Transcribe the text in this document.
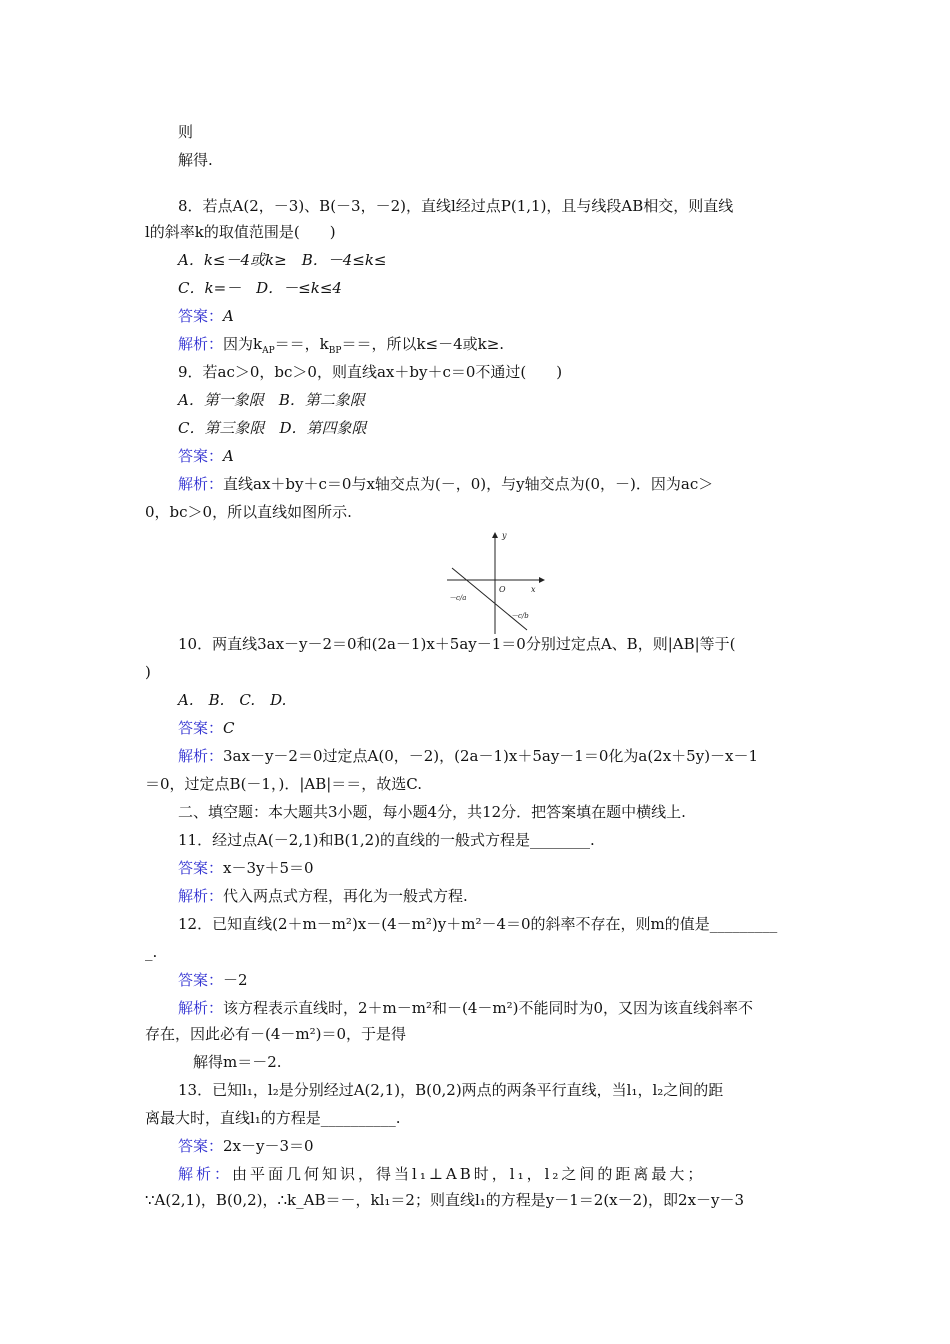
则
解得.
8．若点A(2，－3)、B(－3，－2)，直线l经过点P(1,1)，且与线段AB相交，则直线
l的斜率k的取值范围是(　　)
A．k≤－4或k≥　B．－4≤k≤
C．k=－　D．－≤k≤4
答案：A
解析：因为$k_{AP}==$，$k_{BP}==$，所以k≤－4或k≥.
9．若ac＞0，bc＞0，则直线ax＋by＋c＝0不通过(　　)
A．第一象限　B．第二象限
C．第三象限　D．第四象限
答案：A
解析：直线ax＋by＋c＝0与x轴交点为(－，0)，与y轴交点为(0，－)．因为ac＞
0，bc＞0，所以直线如图所示.
y
x
O
－c/a
－c/b
10．两直线3ax－y－2＝0和(2a－1)x＋5ay－1＝0分别过定点A、B，则|AB|等于(
)
A.　B.　C.　D.
答案：C
解析：3ax－y－2＝0过定点A(0，－2)，(2a－1)x＋5ay－1＝0化为a(2x＋5y)－x－1
＝0，过定点B(－1，)．|AB|＝＝，故选C.
二、填空题：本大题共3小题，每小题4分，共12分．把答案填在题中横线上.
11．经过点A(－2,1)和B(1,2)的直线的一般式方程是________.
答案：x－3y＋5＝0
解析：代入两点式方程，再化为一般式方程.
12．已知直线(2＋m－m²)x－(4－m²)y＋m²－4＝0的斜率不存在，则m的值是_________
_.
答案：－2
解析：该方程表示直线时，2＋m－m²和－(4－m²)不能同时为0，又因为该直线斜率不
存在，因此必有－(4－m²)＝0，于是得
解得m＝－2.
13．已知l₁，l₂是分别经过A(2,1)，B(0,2)两点的两条平行直线，当l₁，l₂之间的距
离最大时，直线l₁的方程是__________.
答案：2x－y－3＝0
解析：由平面几何知识，得当l₁⊥AB时，l₁，l₂之间的距离最大；
∵A(2,1)，B(0,2)，∴k_AB＝－，kl₁＝2；则直线l₁的方程是y－1＝2(x－2)，即2x－y－3
